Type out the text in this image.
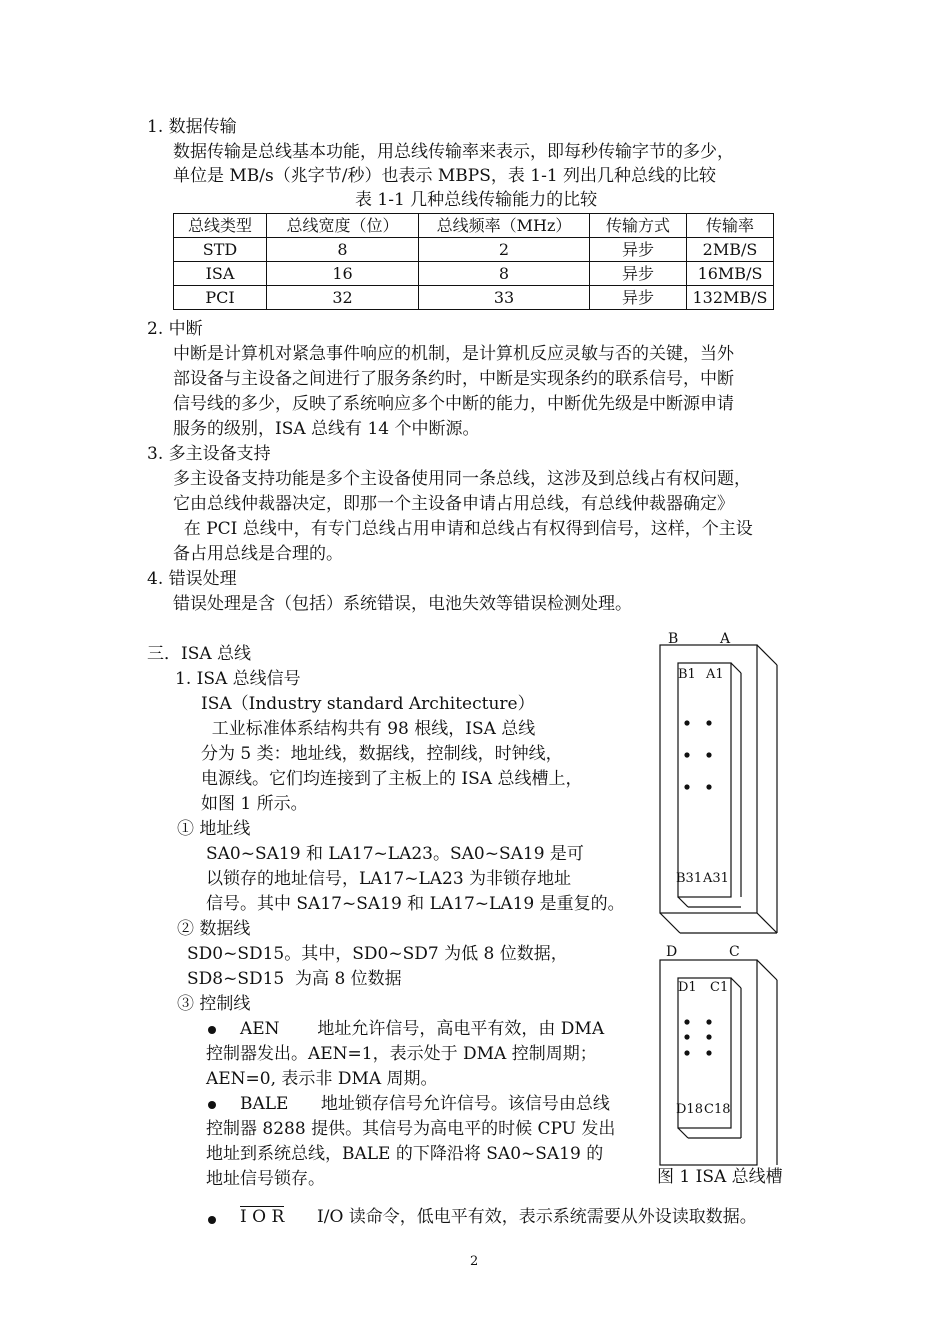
1. 数据传输
数据传输是总线基本功能，用总线传输率来表示，即每秒传输字节的多少，
单位是 MB/s（兆字节/秒）也表示 MBPS，表 1-1 列出几种总线的比较
表 1-1 几种总线传输能力的比较
总线类型	总线宽度（位）	总线频率（MHz）	传输方式	传输率
STD	8	2	异步	2MB/S
ISA	16	8	异步	16MB/S
PCI	32	33	异步	132MB/S
2. 中断
中断是计算机对紧急事件响应的机制，是计算机反应灵敏与否的关键，当外
部设备与主设备之间进行了服务条约时，中断是实现条约的联系信号，中断
信号线的多少，反映了系统响应多个中断的能力，中断优先级是中断源申请
服务的级别，ISA 总线有 14 个中断源。
3. 多主设备支持
多主设备支持功能是多个主设备使用同一条总线，这涉及到总线占有权问题，
它由总线仲裁器决定，即那一个主设备申请占用总线，有总线仲裁器确定》
在 PCI 总线中，有专门总线占用申请和总线占有权得到信号，这样，个主设
备占用总线是合理的。
4. 错误处理
错误处理是含（包括）系统错误，电池失效等错误检测处理。
三．ISA 总线
1. ISA 总线信号
ISA（Industry standard Architecture）
工业标准体系结构共有 98 根线，ISA 总线
分为 5 类：地址线，数据线，控制线，时钟线，
电源线。它们均连接到了主板上的 ISA 总线槽上，
如图 1 所示。
① 地址线
SA0~SA19 和 LA17~LA23。SA0~SA19 是可
以锁存的地址信号，LA17~LA23 为非锁存地址
信号。其中 SA17~SA19 和 LA17~LA19 是重复的。
② 数据线
SD0~SD15。其中，SD0~SD7 为低 8 位数据，
SD8~SD15  为高 8 位数据
③ 控制线
AEN       地址允许信号，高电平有效，由 DMA
控制器发出。AEN=1，表示处于 DMA 控制周期；
AEN=0, 表示非 DMA 周期。
BALE      地址锁存信号允许信号。该信号由总线
控制器 8288 提供。其信号为高电平的时候 CPU 发出
地址到系统总线，BALE 的下降沿将 SA0~SA19 的
地址信号锁存。
I O R I/O 读命令，低电平有效，表示系统需要从外设读取数据。
B	A
B1 A1
B31 A31
D	C
D1 C1
D18 C18
图 1 ISA 总线槽
2
